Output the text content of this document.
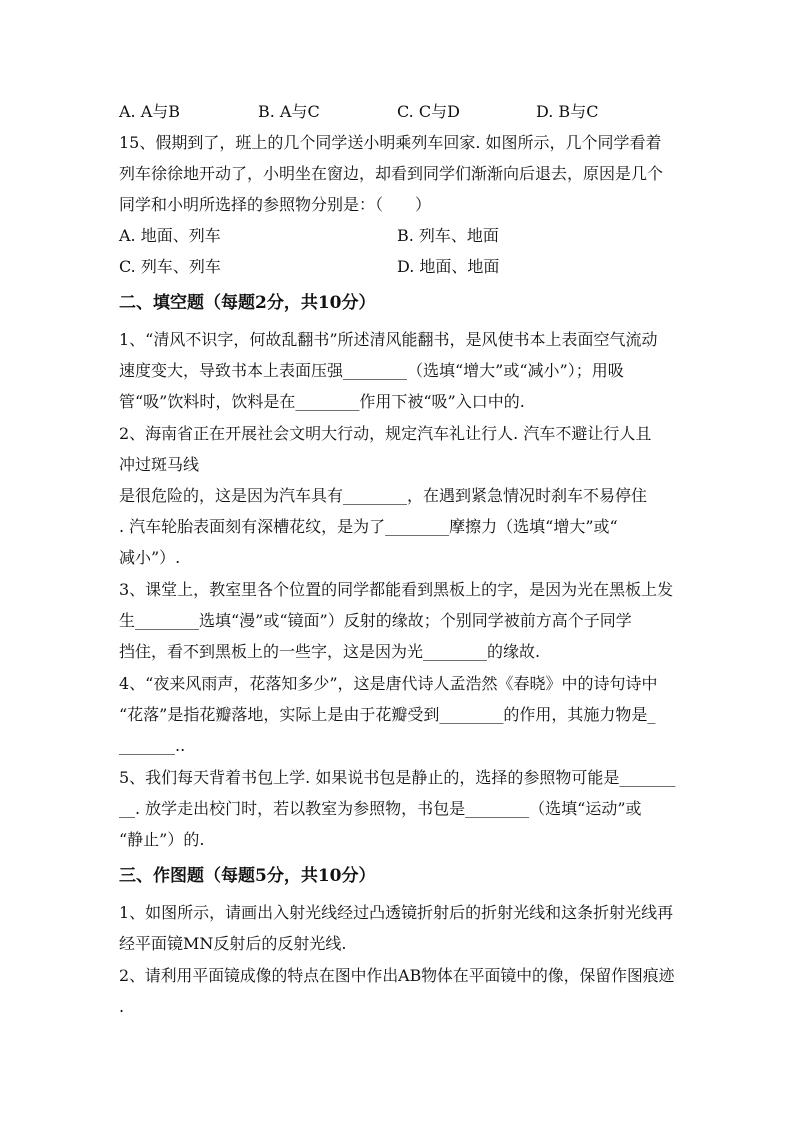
A. A与B	B. A与C	C. C与D	D. B与C
15、假期到了，班上的几个同学送小明乘列车回家. 如图所示，几个同学看着
列车徐徐地开动了，小明坐在窗边，却看到同学们渐渐向后退去，原因是几个
同学和小明所选择的参照物分别是：（　　）
A. 地面、列车	B. 列车、地面
C. 列车、列车	D. 地面、地面
二、填空题（每题2分，共10分）
1、“清风不识字，何故乱翻书”所述清风能翻书，是风使书本上表面空气流动
速度变大，导致书本上表面压强________（选填“增大”或“减小”）；用吸
管“吸”饮料时，饮料是在________作用下被“吸”入口中的.
2、海南省正在开展社会文明大行动，规定汽车礼让行人. 汽车不避让行人且
冲过斑马线
是很危险的，这是因为汽车具有________，在遇到紧急情况时刹车不易停住
. 汽车轮胎表面刻有深槽花纹，是为了________摩擦力（选填“增大”或“
减小”）.
3、课堂上，教室里各个位置的同学都能看到黑板上的字，是因为光在黑板上发
生________选填“漫”或“镜面”）反射的缘故；个别同学被前方高个子同学
挡住，看不到黑板上的一些字，这是因为光________的缘故.
4、“夜来风雨声，花落知多少”，这是唐代诗人孟浩然《春晓》中的诗句诗中
“花落”是指花瓣落地，实际上是由于花瓣受到________的作用，其施力物是_
_______..
5、我们每天背着书包上学. 如果说书包是静止的，选择的参照物可能是_______
__. 放学走出校门时，若以教室为参照物，书包是________（选填“运动”或
“静止”）的.
三、作图题（每题5分，共10分）
1、如图所示，请画出入射光线经过凸透镜折射后的折射光线和这条折射光线再
经平面镜MN反射后的反射光线.
2、请利用平面镜成像的特点在图中作出AB物体在平面镜中的像，保留作图痕迹
.
